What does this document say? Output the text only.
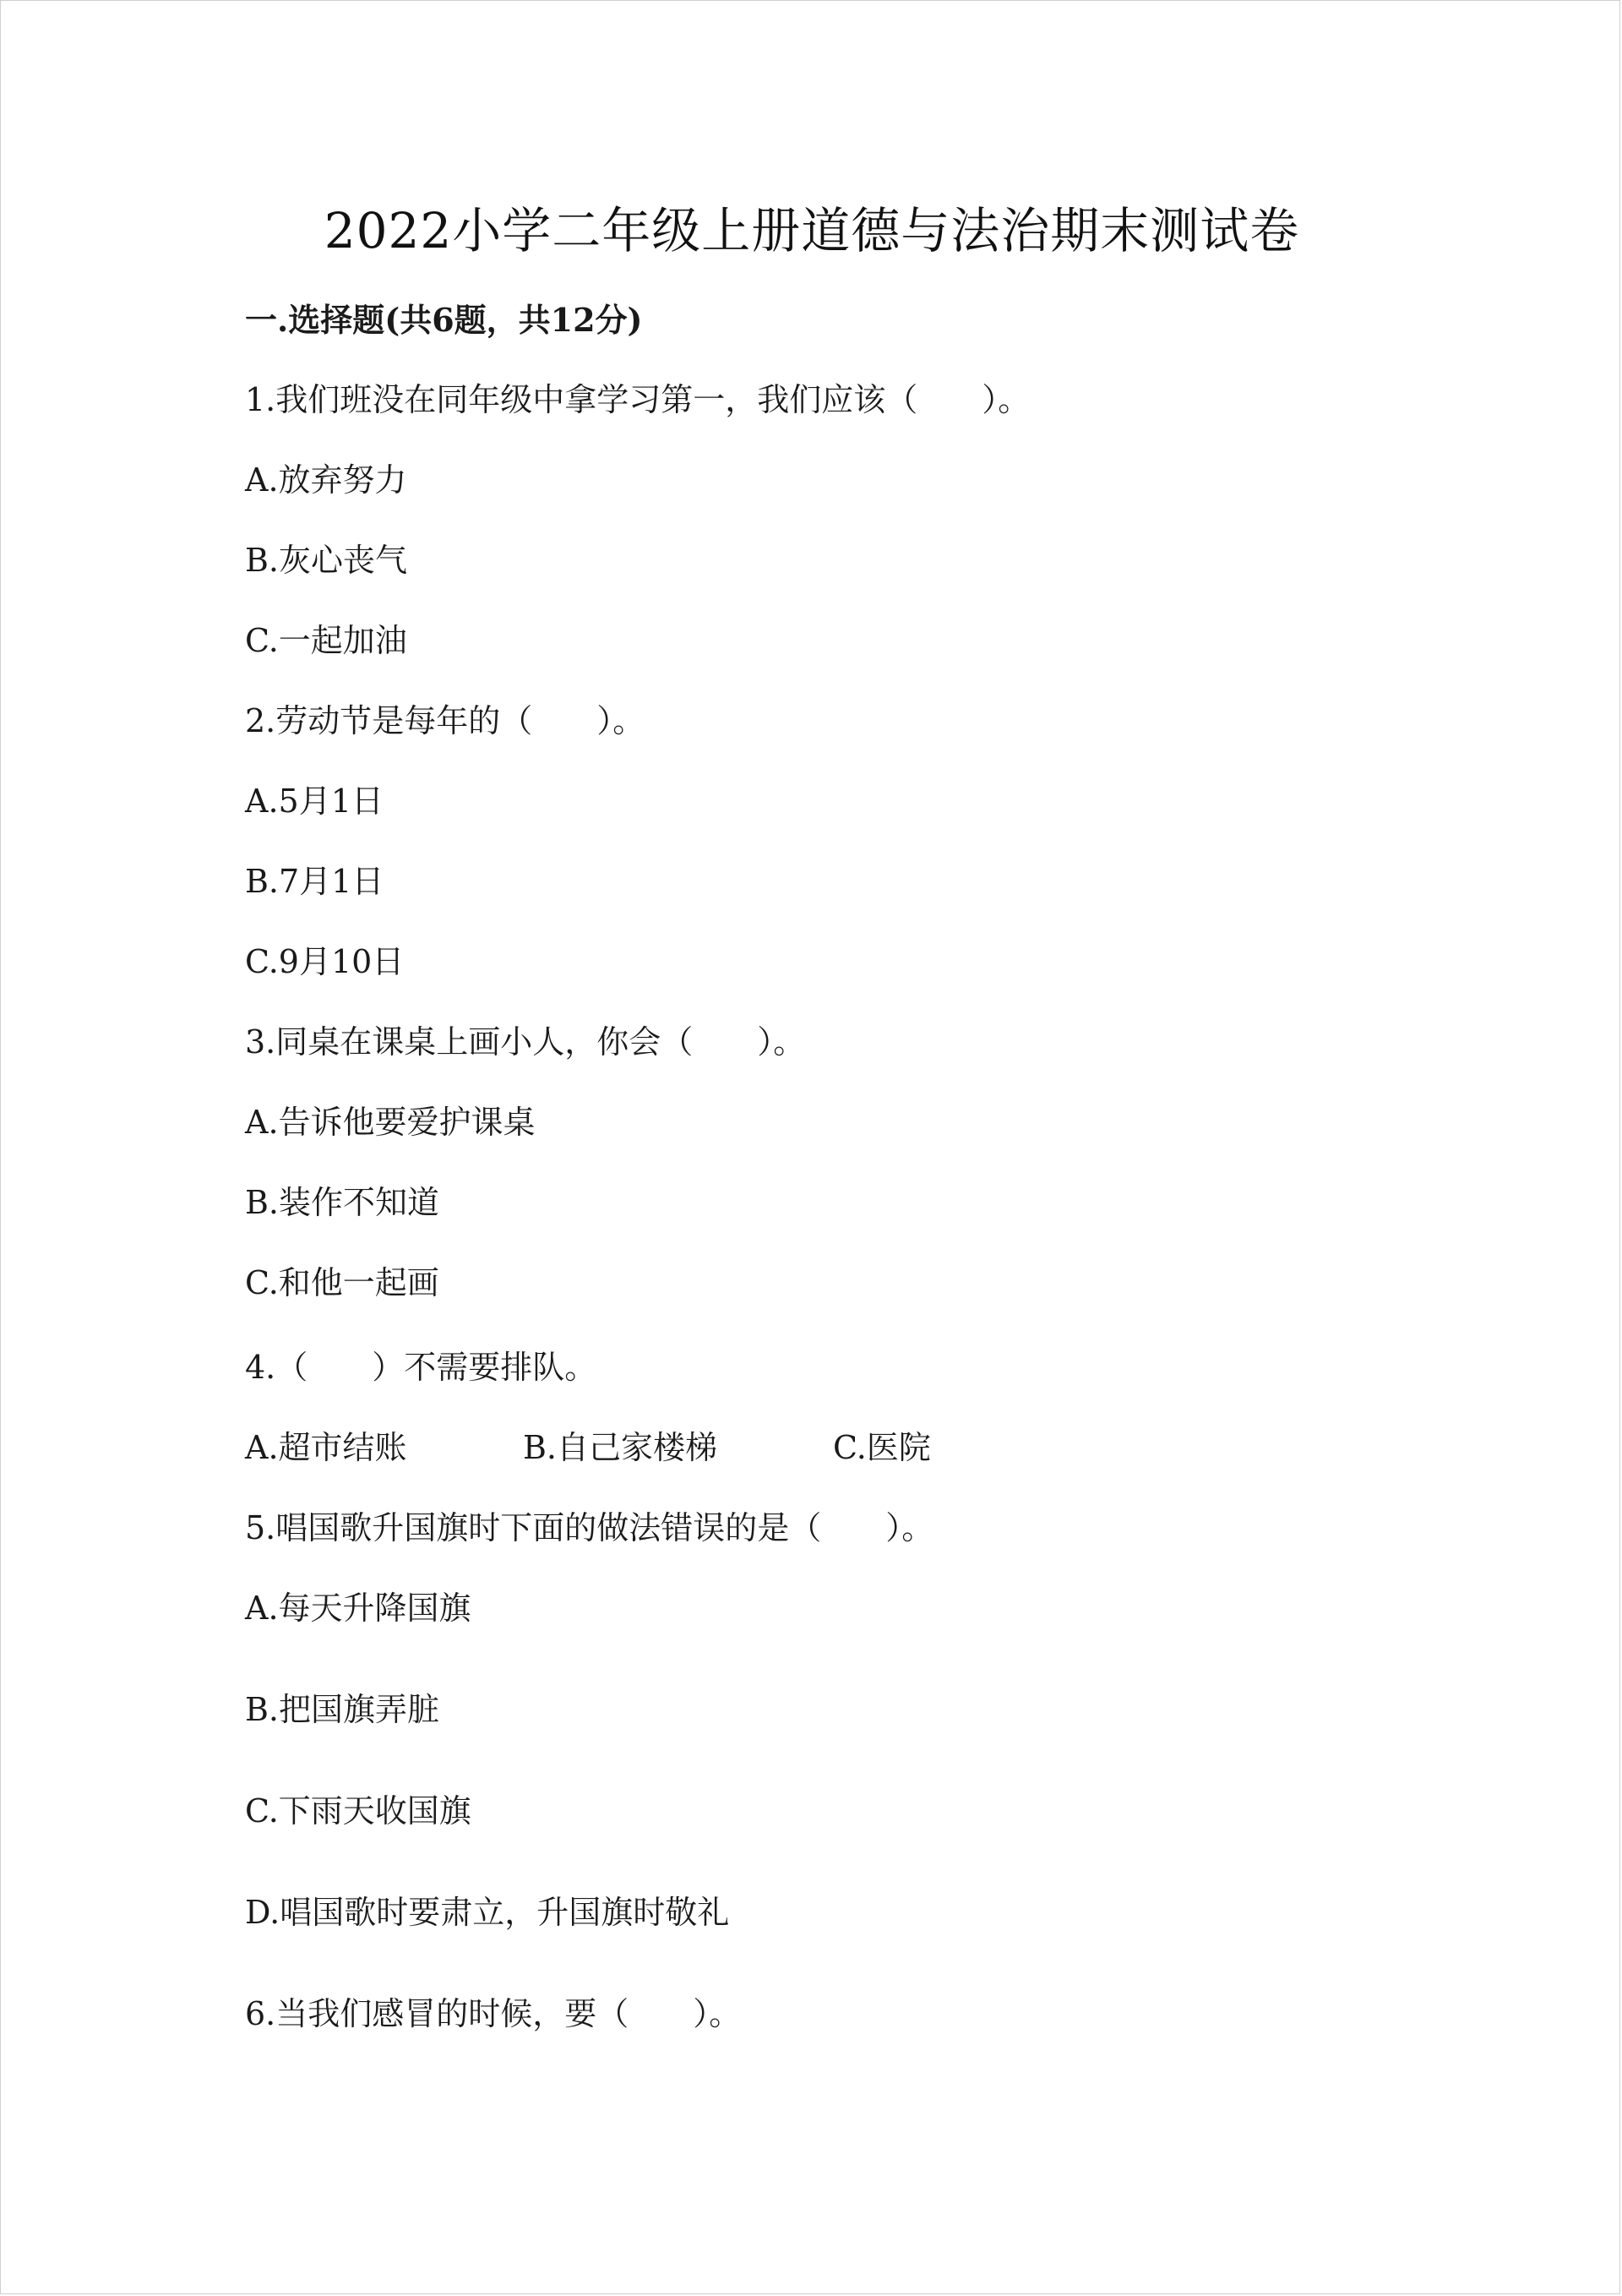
2022小学二年级上册道德与法治期末测试卷
一.选择题(共6题，共12分)
1.我们班没在同年级中拿学习第一，我们应该（　　）。
A.放弃努力
B.灰心丧气
C.一起加油
2.劳动节是每年的（　　）。
A.5月1日
B.7月1日
C.9月10日
3.同桌在课桌上画小人，你会（　　）。
A.告诉他要爱护课桌
B.装作不知道
C.和他一起画
4.（　　）不需要排队。
A.超市结账	B.自己家楼梯	C.医院
5.唱国歌升国旗时下面的做法错误的是（　　）。
A.每天升降国旗
B.把国旗弄脏
C.下雨天收国旗
D.唱国歌时要肃立，升国旗时敬礼
6.当我们感冒的时候，要（　　）。
